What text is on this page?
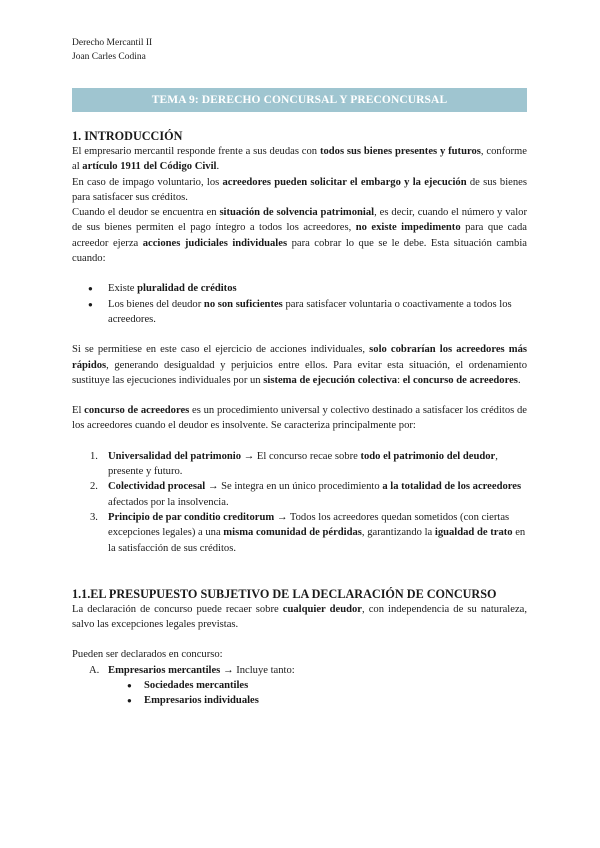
Derecho Mercantil II
Joan Carles Codina
TEMA 9: DERECHO CONCURSAL Y PRECONCURSAL
1. INTRODUCCIÓN

El empresario mercantil responde frente a sus deudas con todos sus bienes presentes y futuros, conforme al artículo 1911 del Código Civil.

En caso de impago voluntario, los acreedores pueden solicitar el embargo y la ejecución de sus bienes para satisfacer sus créditos.

Cuando el deudor se encuentra en situación de solvencia patrimonial, es decir, cuando el número y valor de sus bienes permiten el pago íntegro a todos los acreedores, no existe impedimento para que cada acreedor ejerza acciones judiciales individuales para cobrar lo que se le debe. Esta situación cambia cuando:

● Existe pluralidad de créditos
● Los bienes del deudor no son suficientes para satisfacer voluntaria o coactivamente a todos los acreedores.

Si se permitiese en este caso el ejercicio de acciones individuales, solo cobrarían los acreedores más rápidos, generando desigualdad y perjuicios entre ellos. Para evitar esta situación, el ordenamiento sustituye las ejecuciones individuales por un sistema de ejecución colectiva: el concurso de acreedores.

El concurso de acreedores es un procedimiento universal y colectivo destinado a satisfacer los créditos de los acreedores cuando el deudor es insolvente. Se caracteriza principalmente por:

1. Universalidad del patrimonio → El concurso recae sobre todo el patrimonio del deudor, presente y futuro.
2. Colectividad procesal → Se integra en un único procedimiento a la totalidad de los acreedores afectados por la insolvencia.
3. Principio de par conditio creditorum → Todos los acreedores quedan sometidos (con ciertas excepciones legales) a una misma comunidad de pérdidas, garantizando la igualdad de trato en la satisfacción de sus créditos.
1.1.EL PRESUPUESTO SUBJETIVO DE LA DECLARACIÓN DE CONCURSO

La declaración de concurso puede recaer sobre cualquier deudor, con independencia de su naturaleza, salvo las excepciones legales previstas.

Pueden ser declarados en concurso:

A. Empresarios mercantiles → Incluye tanto:
● Sociedades mercantiles
● Empresarios individuales
